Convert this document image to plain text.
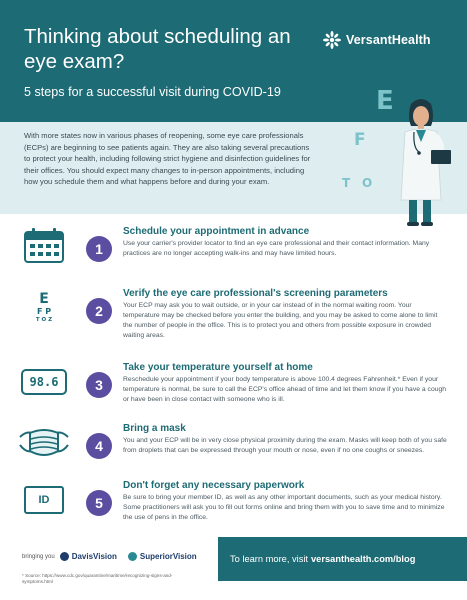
Thinking about scheduling an eye exam?
5 steps for a successful visit during COVID-19
VersantHealth

With more states now in various phases of reopening, some eye care professionals (ECPs) are beginning to see patients again. They are also taking several precautions to protect your health, including following strict hygiene and disinfection guidelines for their offices. You should expect many changes to in-person appointments, including how you schedule them and what happens before and during your exam.

E
F
T O
1
Schedule your appointment in advance
Use your carrier's provider locator to find an eye care professional and their contact information. Many practices are no longer accepting walk-ins and may have limited hours.
E
F P
T O Z
2
Verify the eye care professional's screening parameters
Your ECP may ask you to wait outside, or in your car instead of in the normal waiting room. Your temperature may be checked before you enter the building, and you may be asked to come alone to limit the number of people in the office. This is to protect you and others from possible exposure in crowded waiting areas.
98.6	3
Take your temperature yourself at home
Reschedule your appointment if your body temperature is above 100.4 degrees Fahrenheit.* Even if your temperature is normal, be sure to call the ECP's office ahead of time and let them know if you have a cough or have been in close contact with someone who is ill.
4
Bring a mask
You and your ECP will be in very close physical proximity during the exam. Masks will keep both of you safe from droplets that can be expressed through your mouth or nose, even if no one coughs or sneezes.
ID	5
Don't forget any necessary paperwork
Be sure to bring your member ID, as well as any other important documents, such as your medical history. Some practitioners will ask you to fill out forms online and bring them with you to save time and to minimize the use of pens in the office.
bringing you DavisVision	SuperiorVision
* Source: https://www.cdc.gov/quarantine/maritime/recognizing-signs-and-symptoms.html
To learn more, visit versanthealth.com/blog
